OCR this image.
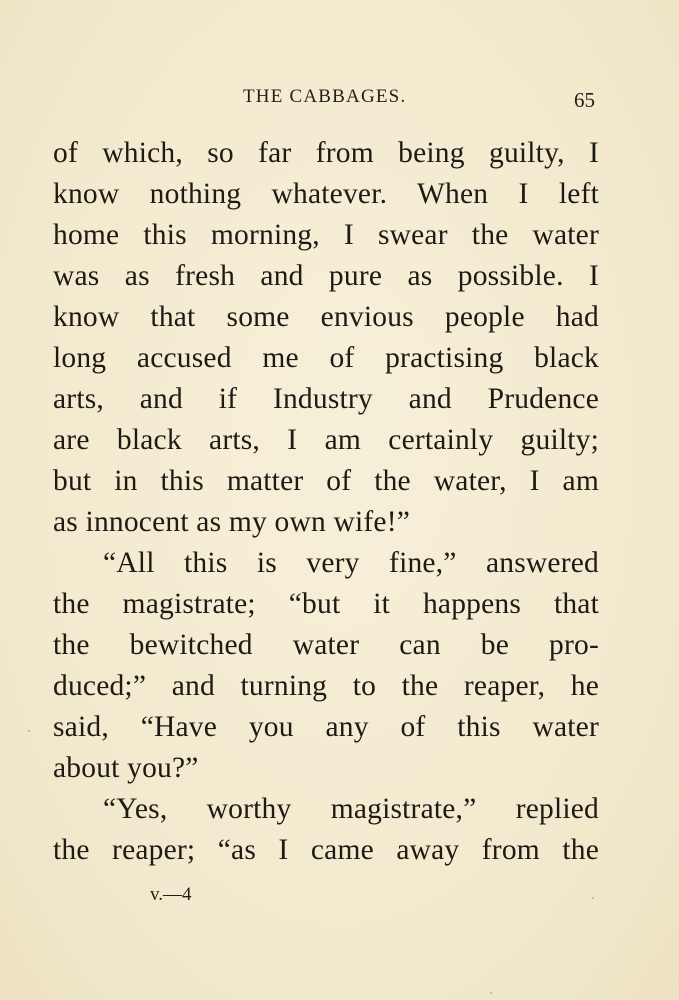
THE CABBAGES.	65
of which, so far from being guilty, I
know nothing whatever. When I left
home this morning, I swear the water
was as fresh and pure as possible. I
know that some envious people had
long accused me of practising black
arts, and if Industry and Prudence
are black arts, I am certainly guilty;
but in this matter of the water, I am
as innocent as my own wife!”
“All this is very fine,” answered
the magistrate; “but it happens that
the bewitched water can be pro-
duced;” and turning to the reaper, he
said, “Have you any of this water
about you?”
“Yes, worthy magistrate,” replied
the reaper; “as I came away from the
v.—4
